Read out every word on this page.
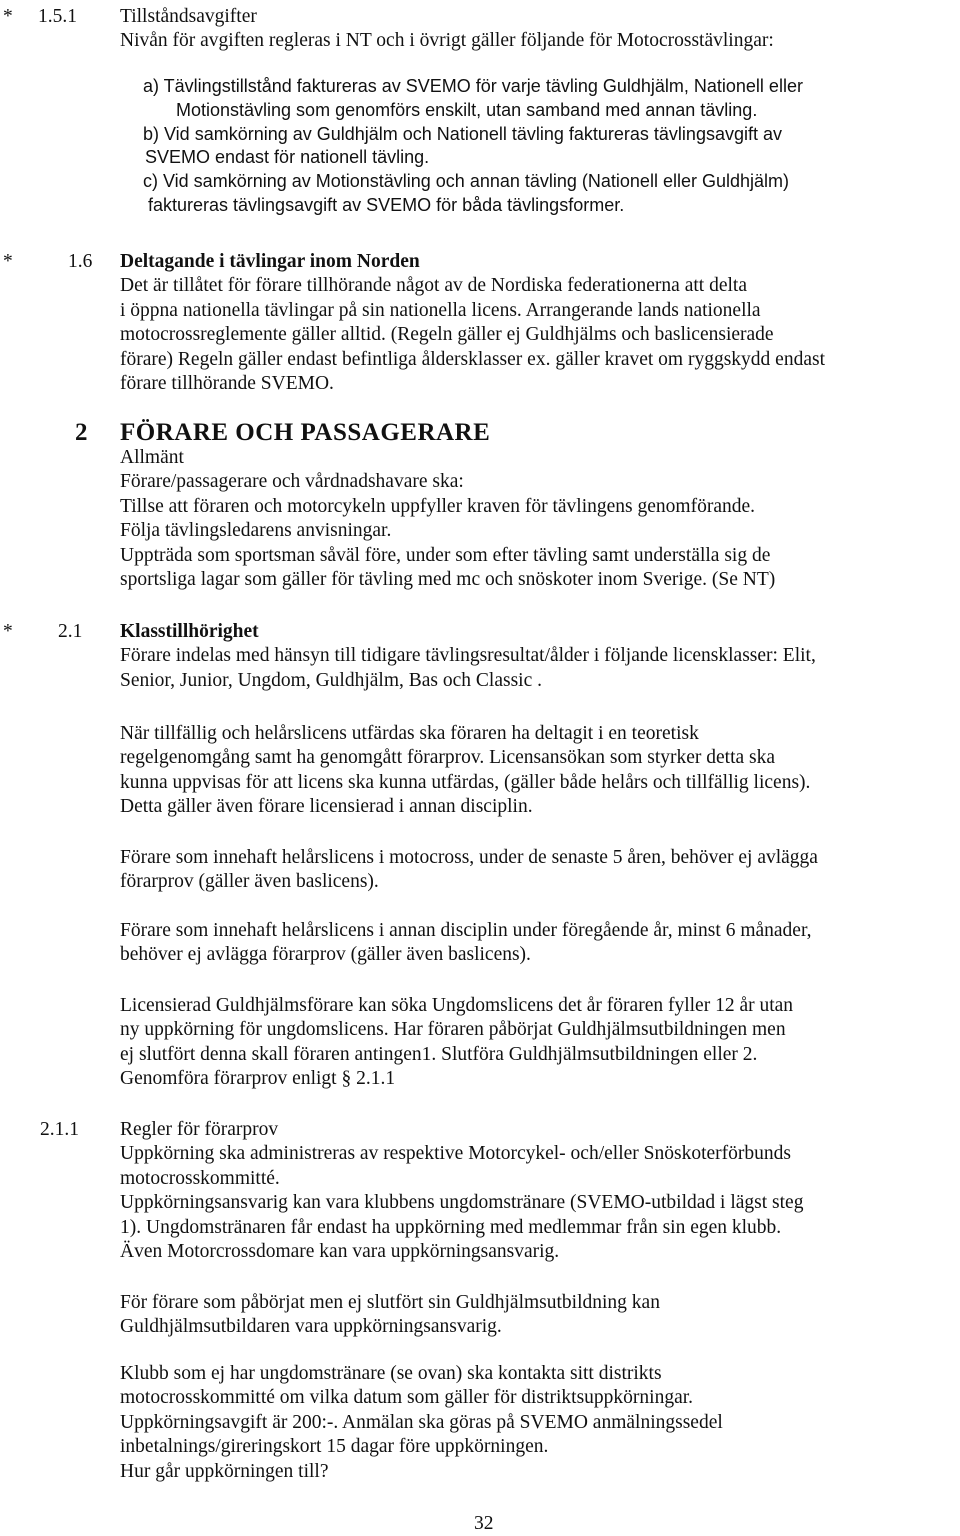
* 1.5.1 Tillståndsavgifter
Nivån för avgiften regleras i NT och i övrigt gäller följande för Motocrosstävlingar:
a) Tävlingstillstånd faktureras av SVEMO för varje tävling Guldhjälm, Nationell eller
Motionstävling som genomförs enskilt, utan samband med annan tävling.
b) Vid samkörning av Guldhjälm och Nationell tävling faktureras tävlingsavgift av
SVEMO endast för nationell tävling.
c) Vid samkörning av Motionstävling och annan tävling (Nationell eller Guldhjälm)
faktureras tävlingsavgift av SVEMO för båda tävlingsformer.
*	1.6 Deltagande i tävlingar inom Norden
Det är tillåtet för förare tillhörande något av de Nordiska federationerna att delta
i öppna nationella tävlingar på sin nationella licens. Arrangerande lands nationella
motocrossreglemente gäller alltid. (Regeln gäller ej Guldhjälms och baslicensierade
förare) Regeln gäller endast befintliga åldersklasser ex. gäller kravet om ryggskydd endast
förare tillhörande SVEMO.
2 FÖRARE OCH PASSAGERARE
Allmänt
Förare/passagerare och vårdnadshavare ska:
Tillse att föraren och motorcykeln uppfyller kraven för tävlingens genomförande.
Följa tävlingsledarens anvisningar.
Uppträda som sportsman såväl före, under som efter tävling samt underställa sig de
sportsliga lagar som gäller för tävling med mc och snöskoter inom Sverige. (Se NT)
* 2.1 Klasstillhörighet
Förare indelas med hänsyn till tidigare tävlingsresultat/ålder i följande licensklasser: Elit,
Senior, Junior, Ungdom, Guldhjälm, Bas och Classic .
När tillfällig och helårslicens utfärdas ska föraren ha deltagit i en teoretisk
regelgenomgång samt ha genomgått förarprov. Licensansökan som styrker detta ska
kunna uppvisas för att licens ska kunna utfärdas, (gäller både helårs och tillfällig licens).
Detta gäller även förare licensierad i annan disciplin.
Förare som innehaft helårslicens i motocross, under de senaste 5 åren, behöver ej avlägga
förarprov (gäller även baslicens).
Förare som innehaft helårslicens i annan disciplin under föregående år, minst 6 månader,
behöver ej avlägga förarprov (gäller även baslicens).
Licensierad Guldhjälmsförare kan söka Ungdomslicens det år föraren fyller 12 år utan
ny uppkörning för ungdomslicens. Har föraren påbörjat Guldhjälmsutbildningen men
ej slutfört denna skall föraren antingen1. Slutföra Guldhjälmsutbildningen eller 2.
Genomföra förarprov enligt § 2.1.1
2.1.1 Regler för förarprov
Uppkörning ska administreras av respektive Motorcykel- och/eller Snöskoterförbunds
motocrosskommitté.
Uppkörningsansvarig kan vara klubbens ungdomstränare (SVEMO-utbildad i lägst steg
1). Ungdomstränaren får endast ha uppkörning med medlemmar från sin egen klubb.
Även Motorcrossdomare kan vara uppkörningsansvarig.
För förare som påbörjat men ej slutfört sin Guldhjälmsutbildning kan
Guldhjälmsutbildaren vara uppkörningsansvarig.
Klubb som ej har ungdomstränare (se ovan) ska kontakta sitt distrikts
motocrosskommitté om vilka datum som gäller för distriktsuppkörningar.
Uppkörningsavgift är 200:-. Anmälan ska göras på SVEMO anmälningssedel
inbetalnings/gireringskort 15 dagar före uppkörningen.
Hur går uppkörningen till?
32
